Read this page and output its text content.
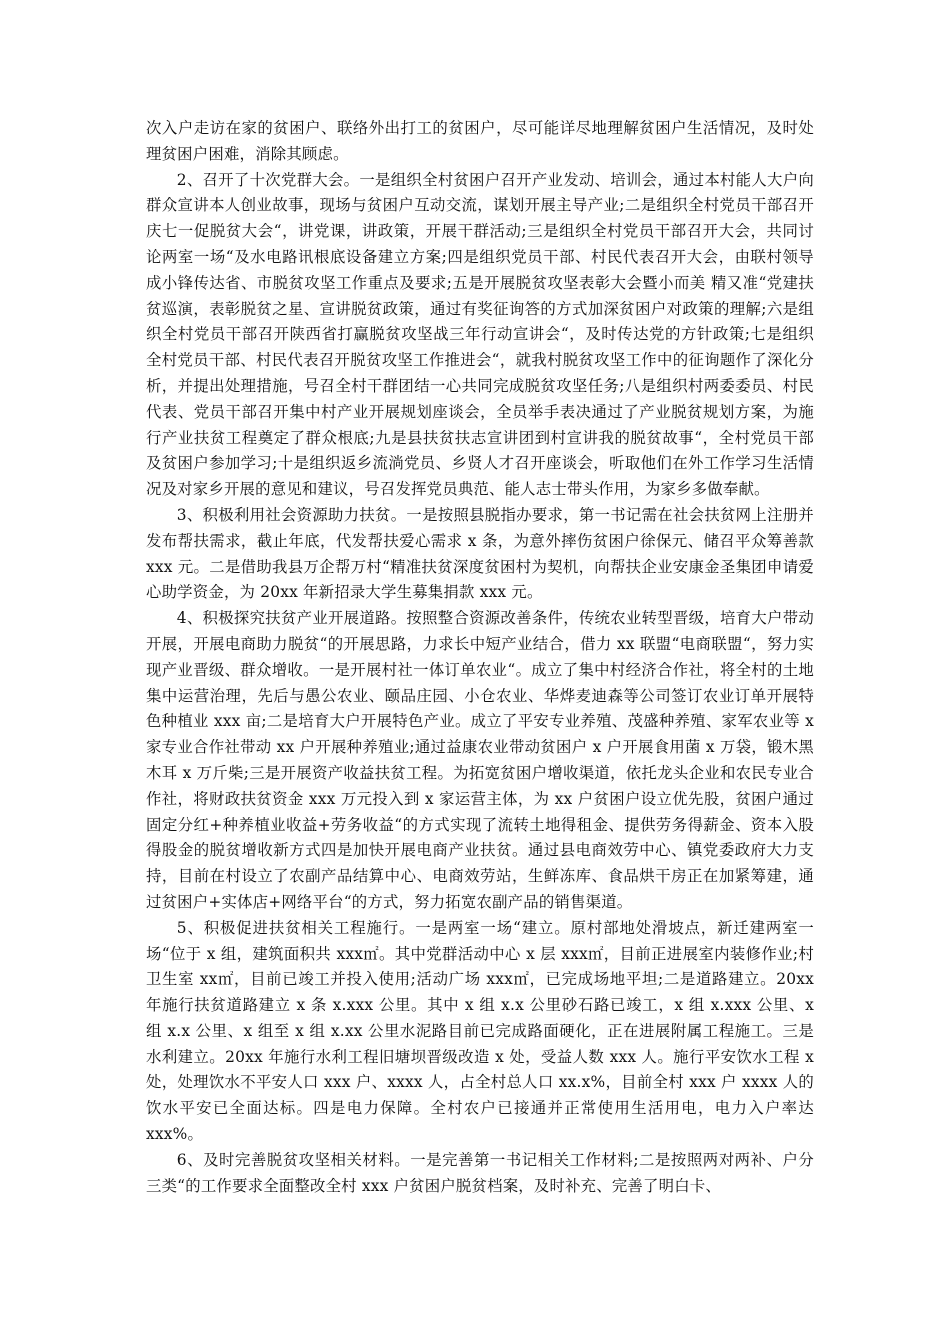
次入户走访在家的贫困户、联络外出打工的贫困户，尽可能详尽地理解贫困户生活情况，及时处理贫困户困难，消除其顾虑。

2、召开了十次党群大会。一是组织全村贫困户召开产业发动、培训会，通过本村能人大户向群众宣讲本人创业故事，现场与贫困户互动交流，谋划开展主导产业;二是组织全村党员干部召开庆七一促脱贫大会“，讲党课，讲政策，开展干群活动;三是组织全村党员干部召开大会，共同讨论两室一场“及水电路讯根底设备建立方案;四是组织党员干部、村民代表召开大会，由联村领导成小锋传达省、市脱贫攻坚工作重点及要求;五是开展脱贫攻坚表彰大会暨小而美 精又准“党建扶贫巡演，表彰脱贫之星、宣讲脱贫政策，通过有奖征询答的方式加深贫困户对政策的理解;六是组织全村党员干部召开陕西省打赢脱贫攻坚战三年行动宣讲会“，及时传达党的方针政策;七是组织全村党员干部、村民代表召开脱贫攻坚工作推进会“，就我村脱贫攻坚工作中的征询题作了深化分析，并提出处理措施，号召全村干群团结一心共同完成脱贫攻坚任务;八是组织村两委委员、村民代表、党员干部召开集中村产业开展规划座谈会，全员举手表决通过了产业脱贫规划方案，为施行产业扶贫工程奠定了群众根底;九是县扶贫扶志宣讲团到村宣讲我的脱贫故事“，全村党员干部及贫困户参加学习;十是组织返乡流淌党员、乡贤人才召开座谈会，听取他们在外工作学习生活情况及对家乡开展的意见和建议，号召发挥党员典范、能人志士带头作用，为家乡多做奉献。

3、积极利用社会资源助力扶贫。一是按照县脱指办要求，第一书记需在社会扶贫网上注册并发布帮扶需求，截止年底，代发帮扶爱心需求 x 条，为意外摔伤贫困户徐保元、储召平众筹善款 xxx 元。二是借助我县万企帮万村“精准扶贫深度贫困村为契机，向帮扶企业安康金圣集团申请爱心助学资金，为 20xx 年新招录大学生募集捐款 xxx 元。

4、积极探究扶贫产业开展道路。按照整合资源改善条件，传统农业转型晋级，培育大户带动开展，开展电商助力脱贫“的开展思路，力求长中短产业结合，借力 xx 联盟“电商联盟“，努力实现产业晋级、群众增收。一是开展村社一体订单农业“。成立了集中村经济合作社，将全村的土地集中运营治理，先后与愚公农业、颐品庄园、小仓农业、华烨麦迪森等公司签订农业订单开展特色种植业 xxx 亩;二是培育大户开展特色产业。成立了平安专业养殖、茂盛种养殖、家军农业等 x 家专业合作社带动 xx 户开展种养殖业;通过益康农业带动贫困户 x 户开展食用菌 x 万袋，锻木黑木耳 x 万斤柴;三是开展资产收益扶贫工程。为拓宽贫困户增收渠道，依托龙头企业和农民专业合作社，将财政扶贫资金 xxx 万元投入到 x 家运营主体，为 xx 户贫困户设立优先股，贫困户通过固定分红+种养植业收益+劳务收益“的方式实现了流转土地得租金、提供劳务得薪金、资本入股得股金的脱贫增收新方式四是加快开展电商产业扶贫。通过县电商效劳中心、镇党委政府大力支持，目前在村设立了农副产品结算中心、电商效劳站，生鲜冻库、食品烘干房正在加紧筹建，通过贫困户+实体店+网络平台“的方式，努力拓宽农副产品的销售渠道。

5、积极促进扶贫相关工程施行。一是两室一场“建立。原村部地处滑坡点，新迁建两室一场“位于 x 组，建筑面积共 xxx㎡。其中党群活动中心 x 层 xxx㎡，目前正进展室内装修作业;村卫生室 xx㎡，目前已竣工并投入使用;活动广场 xxx㎡，已完成场地平坦;二是道路建立。20xx 年施行扶贫道路建立 x 条 x.xxx 公里。其中 x 组 x.x 公里砂石路已竣工，x 组 x.xxx 公里、x 组 x.x 公里、x 组至 x 组 x.xx 公里水泥路目前已完成路面硬化，正在进展附属工程施工。三是水利建立。20xx 年施行水利工程旧塘坝晋级改造 x 处，受益人数 xxx 人。施行平安饮水工程 x 处，处理饮水不平安人口 xxx 户、xxxx 人，占全村总人口 xx.x%，目前全村 xxx 户 xxxx 人的饮水平安已全面达标。四是电力保障。全村农户已接通并正常使用生活用电，电力入户率达 xxx%。

6、及时完善脱贫攻坚相关材料。一是完善第一书记相关工作材料;二是按照两对两补、户分三类“的工作要求全面整改全村 xxx 户贫困户脱贫档案，及时补充、完善了明白卡、
